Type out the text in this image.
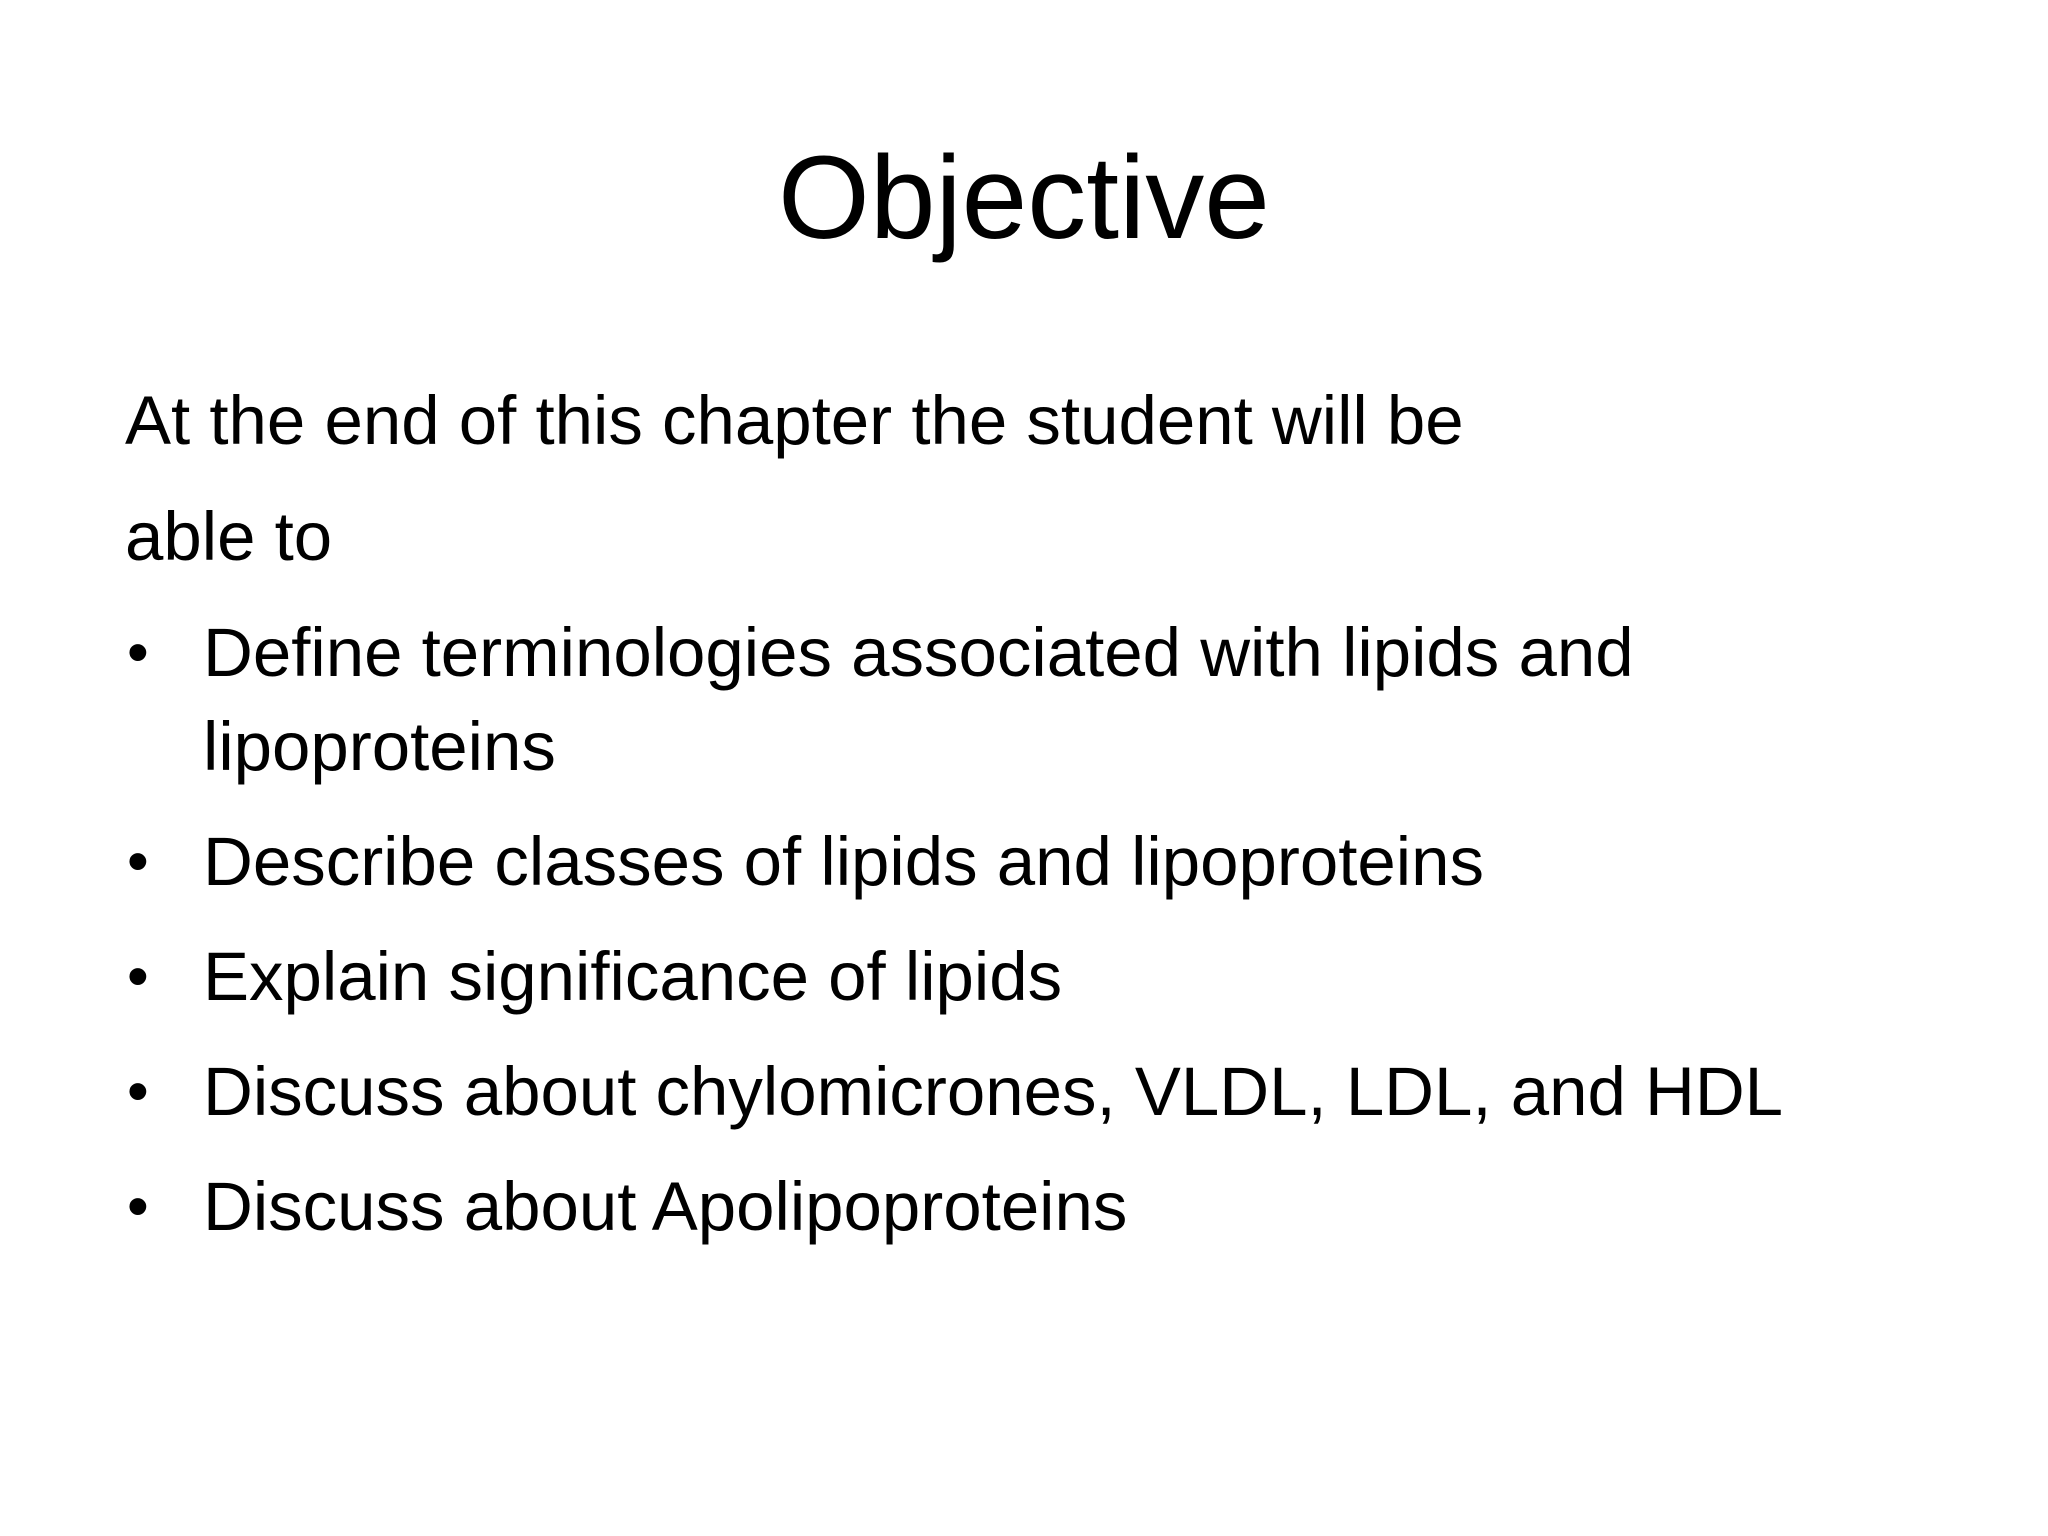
Objective

At the end of this chapter the student will be

able to

• Define terminologies associated with lipids and lipoproteins
• Describe classes of lipids and lipoproteins
• Explain significance of lipids
• Discuss about chylomicrones, VLDL, LDL, and HDL
• Discuss about Apolipoproteins
